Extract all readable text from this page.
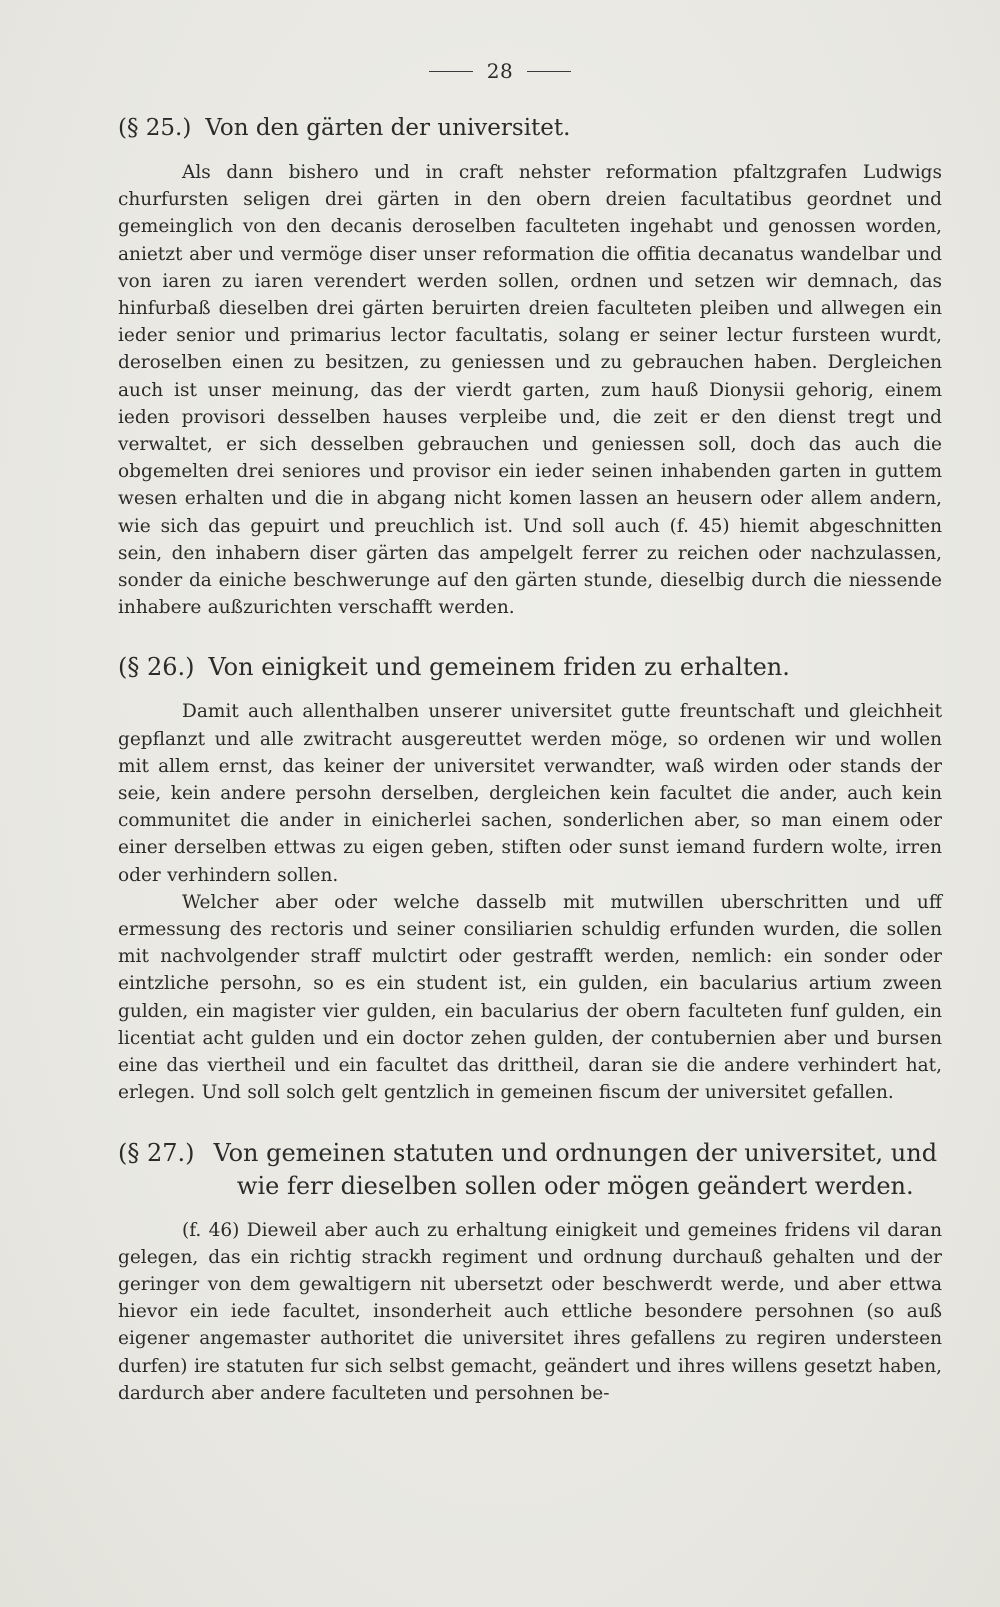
28
(§ 25.) Von den gärten der universitet.

Als dann bishero und in craft nehster reformation pfaltzgrafen Ludwigs churfursten seligen drei gärten in den obern dreien facultatibus geordnet und gemeinglich von den decanis deroselben faculteten ingehabt und genossen worden, anietzt aber und vermöge diser unser reformation die offitia decanatus wandelbar und von iaren zu iaren verendert werden sollen, ordnen und setzen wir demnach, das hinfurbaß dieselben drei gärten beruirten dreien faculteten pleiben und allwegen ein ieder senior und primarius lector facultatis, solang er seiner lectur fursteen wurdt, deroselben einen zu besitzen, zu geniessen und zu gebrauchen haben. Dergleichen auch ist unser meinung, das der vierdt garten, zum hauß Dionysii gehorig, einem ieden provisori desselben hauses verpleibe und, die zeit er den dienst tregt und verwaltet, er sich desselben gebrauchen und geniessen soll, doch das auch die obgemelten drei seniores und provisor ein ieder seinen inhabenden garten in guttem wesen erhalten und die in abgang nicht komen lassen an heusern oder allem andern, wie sich das gepuirt und preuchlich ist. Und soll auch (f. 45) hiemit abgeschnitten sein, den inhabern diser gärten das ampelgelt ferrer zu reichen oder nachzulassen, sonder da einiche beschwerunge auf den gärten stunde, dieselbig durch die niessende inhabere außzurichten verschafft werden.

(§ 26.) Von einigkeit und gemeinem friden zu erhalten.

Damit auch allenthalben unserer universitet gutte freuntschaft und gleichheit gepflanzt und alle zwitracht ausgereuttet werden möge, so ordenen wir und wollen mit allem ernst, das keiner der universitet verwandter, waß wirden oder stands der seie, kein andere persohn derselben, dergleichen kein facultet die ander, auch kein communitet die ander in einicherlei sachen, sonderlichen aber, so man einem oder einer derselben ettwas zu eigen geben, stiften oder sunst iemand furdern wolte, irren oder verhindern sollen.

Welcher aber oder welche dasselb mit mutwillen uberschritten und uff ermessung des rectoris und seiner consiliarien schuldig erfunden wurden, die sollen mit nachvolgender straff mulctirt oder gestrafft werden, nemlich: ein sonder oder eintzliche persohn, so es ein student ist, ein gulden, ein bacularius artium zween gulden, ein magister vier gulden, ein bacularius der obern faculteten funf gulden, ein licentiat acht gulden und ein doctor zehen gulden, der contubernien aber und bursen eine das viertheil und ein facultet das drittheil, daran sie die andere verhindert hat, erlegen. Und soll solch gelt gentzlich in gemeinen fiscum der universitet gefallen.

(§ 27.) Von gemeinen statuten und ordnungen der universitet, und wie ferr dieselben sollen oder mögen geändert werden.

(f. 46) Dieweil aber auch zu erhaltung einigkeit und gemeines fridens vil daran gelegen, das ein richtig strackh regiment und ordnung durchauß gehalten und der geringer von dem gewaltigern nit ubersetzt oder beschwerdt werde, und aber ettwa hievor ein iede facultet, insonderheit auch ettliche besondere persohnen (so auß eigener angemaster authoritet die universitet ihres gefallens zu regiren understeen durfen) ire statuten fur sich selbst gemacht, geändert und ihres willens gesetzt haben, dardurch aber andere faculteten und persohnen be-
